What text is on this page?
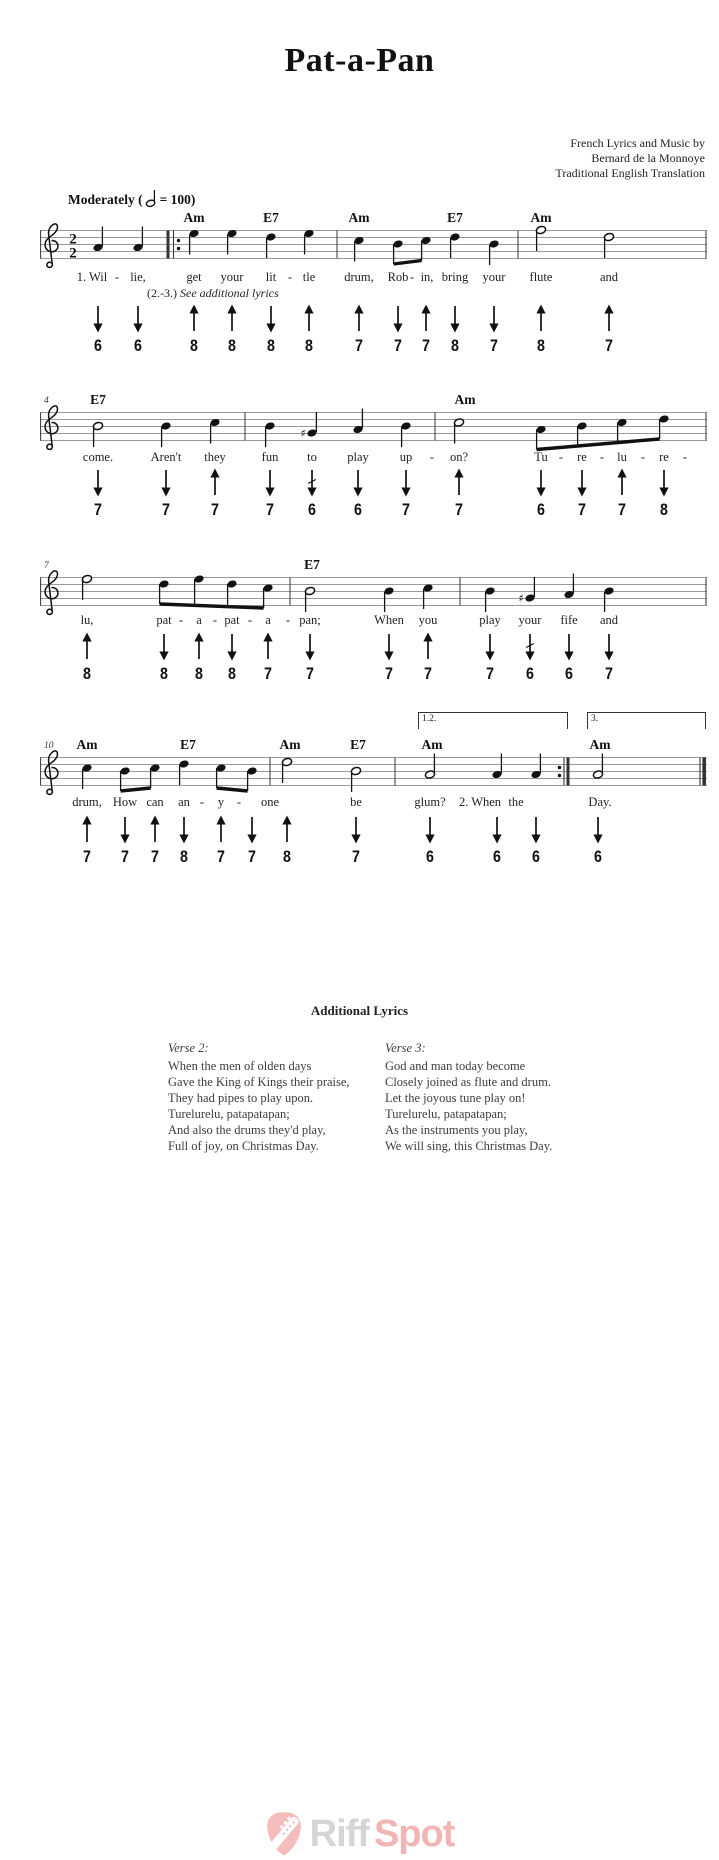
Pat-a-Pan
French Lyrics and Music by
Bernard de la Monnoye
Traditional English Translation
Moderately ( = 100)
Am	E7	Am	E7	Am
1. Wil - lie,	get your lit - tle drum, Rob - in, bring your flute	and
(2.-3.) See additional lyrics
6 6	8 8 8 8 7 7 7 8 7 8	7
2
2
4	E7	Am
come.	Aren't they	fun to play up - on?	Tu - re - lu - re -
7	7 7	7 6 6 7	7	6 7 7 8
♯
7	E7
lu,	pat - a - pat - a - pan;	When you	play your fife and
8	8 8 8 7 7	7 7	7 6 6 7
♯
10 Am	E7	Am	E7	Am	Am
1.2.	3.
drum, How can an - y - one	be	glum? 2. When the	Day.
7 7 7 8 7 7 8	7	6	6 6	6
Additional Lyrics
Verse 2:
When the men of olden days
Gave the King of Kings their praise,
They had pipes to play upon.
Turelurelu, patapatapan;
And also the drums they'd play,
Full of joy, on Christmas Day.
Verse 3:
God and man today become
Closely joined as flute and drum.
Let the joyous tune play on!
Turelurelu, patapatapan;
As the instruments you play,
We will sing, this Christmas Day.
Riff Spot
